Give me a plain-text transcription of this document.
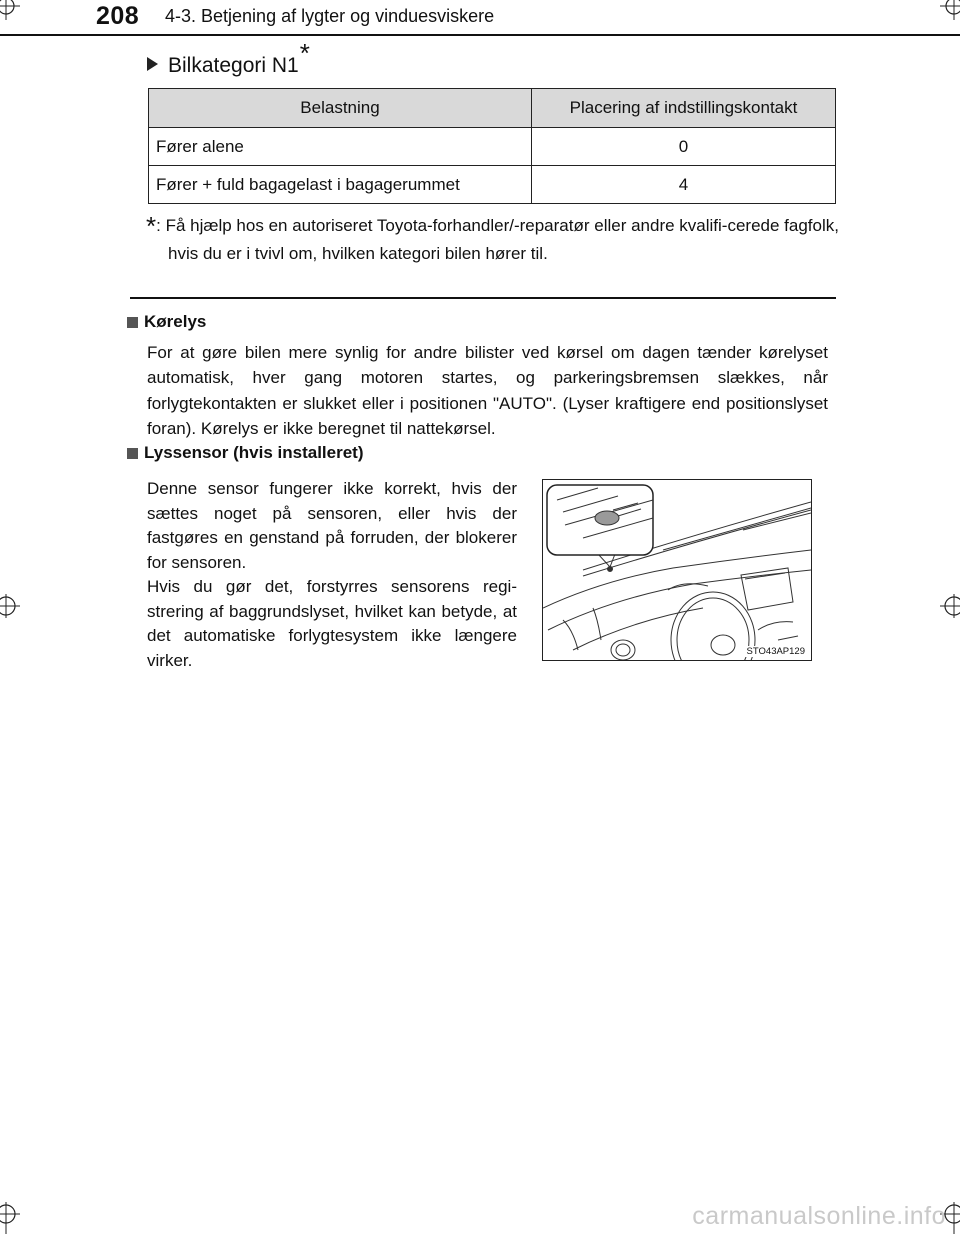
208 4-3. Betjening af lygter og vinduesviskere
Bilkategori N1 *
Belastning	Placering af indstillingskontakt
Fører alene	0
Fører + fuld bagagelast i bagagerummet	4
*: Få hjælp hos en autoriseret Toyota-forhandler/-reparatør eller andre kvalifi-cerede fagfolk, hvis du er i tvivl om, hvilken kategori bilen hører til.
Kørelys
For at gøre bilen mere synlig for andre bilister ved kørsel om dagen tænder kørelyset automatisk, hver gang motoren startes, og parkeringsbremsen slækkes, når forlygtekontakten er slukket eller i positionen "AUTO". (Lyser kraftigere end positionslyset foran). Kørelys er ikke beregnet til nattekørsel.
Lyssensor (hvis installeret)

Denne sensor fungerer ikke korrekt, hvis der sættes noget på sensoren, eller hvis der fastgøres en genstand på forruden, der blokerer for sensoren.

Hvis du gør det, forstyrres sensorens regi-strering af baggrundslyset, hvilket kan betyde, at det automatiske forlygtesystem ikke længere virker.	STO43AP129
carmanualsonline.info
